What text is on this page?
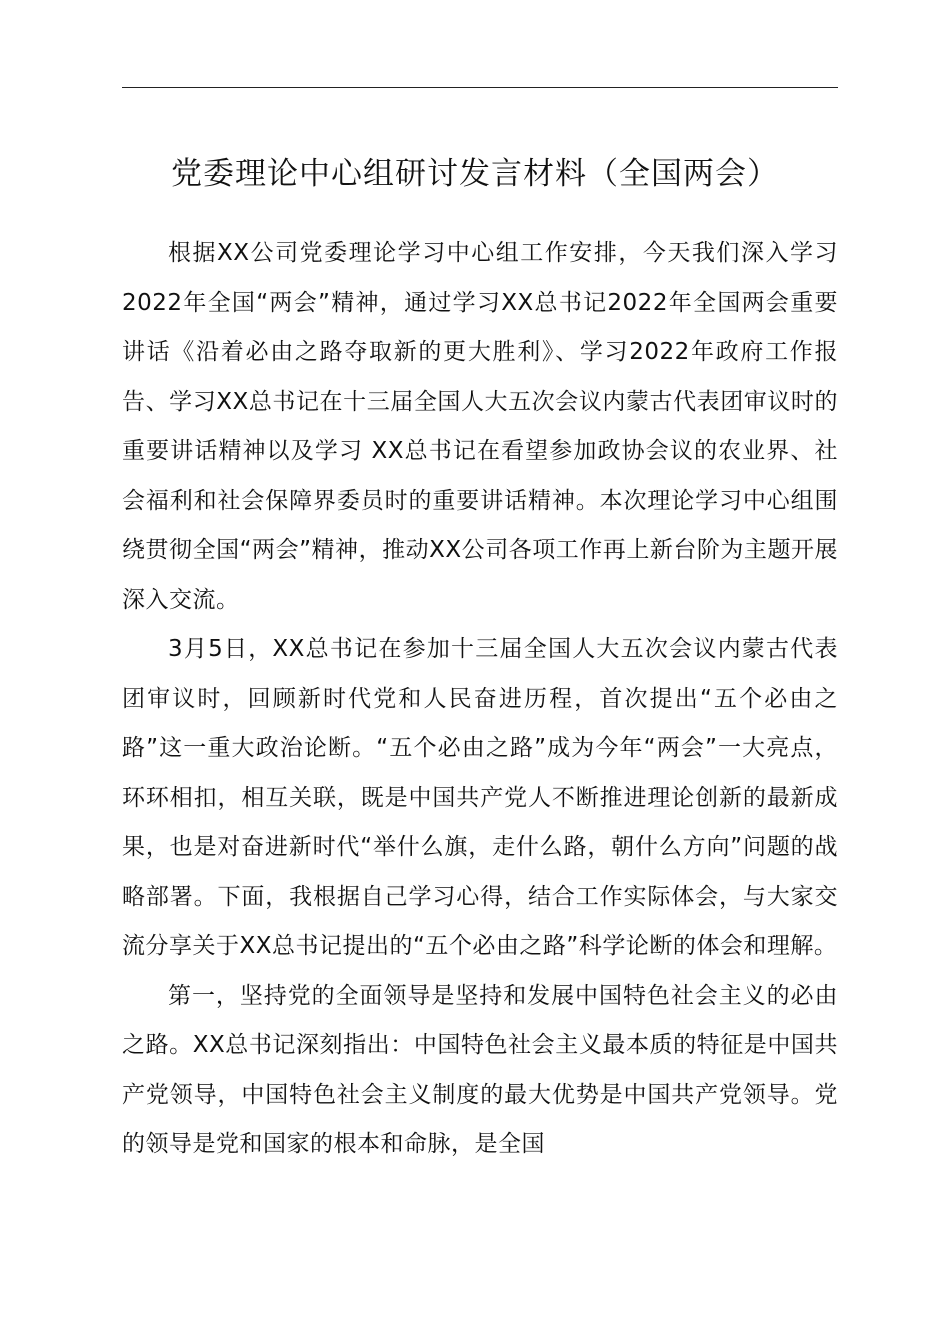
党委理论中心组研讨发言材料（全国两会）

根据XX公司党委理论学习中心组工作安排，今天我们深入学习2022年全国“两会”精神，通过学习XX总书记2022年全国两会重要讲话《沿着必由之路夺取新的更大胜利》、学习2022年政府工作报告、学习XX总书记在十三届全国人大五次会议内蒙古代表团审议时的重要讲话精神以及学习 XX总书记在看望参加政协会议的农业界、社会福利和社会保障界委员时的重要讲话精神。本次理论学习中心组围绕贯彻全国“两会”精神，推动XX公司各项工作再上新台阶为主题开展深入交流。

3月5日，XX总书记在参加十三届全国人大五次会议内蒙古代表团审议时，回顾新时代党和人民奋进历程，首次提出“五个必由之路”这一重大政治论断。“五个必由之路”成为今年“两会”一大亮点，环环相扣，相互关联，既是中国共产党人不断推进理论创新的最新成果，也是对奋进新时代“举什么旗，走什么路，朝什么方向”问题的战略部署。下面，我根据自己学习心得，结合工作实际体会，与大家交流分享关于XX总书记提出的“五个必由之路”科学论断的体会和理解。

第一，坚持党的全面领导是坚持和发展中国特色社会主义的必由之路。XX总书记深刻指出：中国特色社会主义最本质的特征是中国共产党领导，中国特色社会主义制度的最大优势是中国共产党领导。党的领导是党和国家的根本和命脉，是全国
